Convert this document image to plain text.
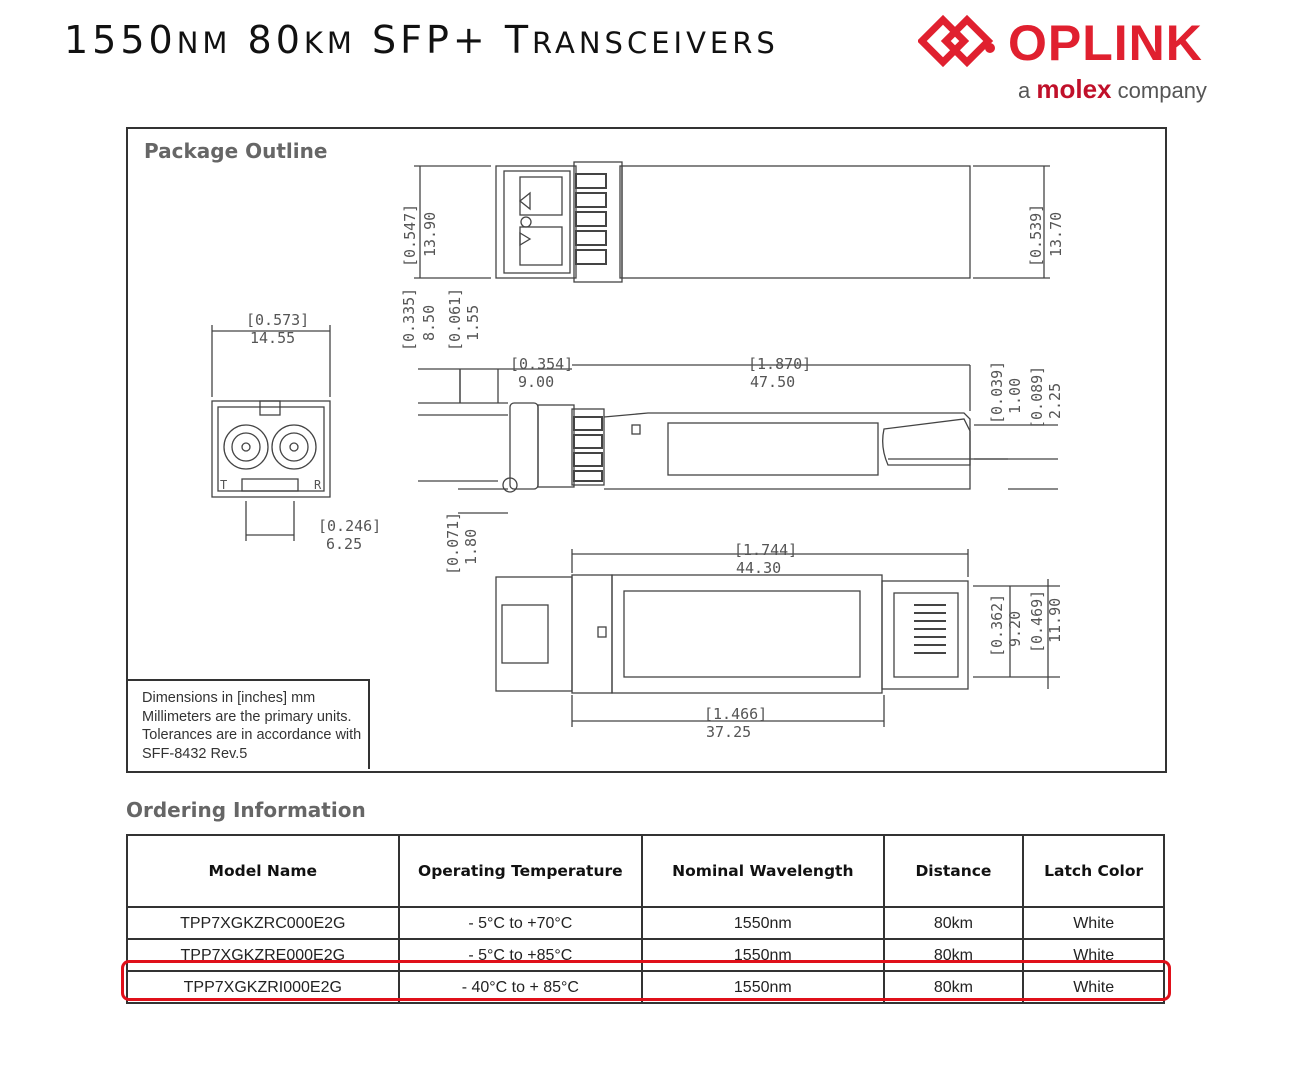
1550NM 80KM SFP+ TRANSCEIVERS	OPLINK
a molex company
Package Outline
[0.573]
14.55
[0.246]
6.25
[0.354]
9.00
[1.870]
47.50
[1.744]
44.30
[1.466]
37.25
[0.547] 13.90	[0.539] 13.70
[0.335] 8.50 [0.061] 1.55
[0.039] 1.00 [0.089] 2.25
[0.071] 1.80
[0.362] 9.20 [0.469] 11.90
T	R
Dimensions in [inches] mm
Millimeters are the primary units.
Tolerances are in accordance with
SFF-8432 Rev.5
Ordering Information
Model Name	Operating Temperature	Nominal Wavelength	Distance	Latch Color
TPP7XGKZRC000E2G	- 5°C to +70°C	1550nm	80km	White
TPP7XGKZRE000E2G	- 5°C to +85°C	1550nm	80km	White
TPP7XGKZRI000E2G	- 40°C to + 85°C	1550nm	80km	White
